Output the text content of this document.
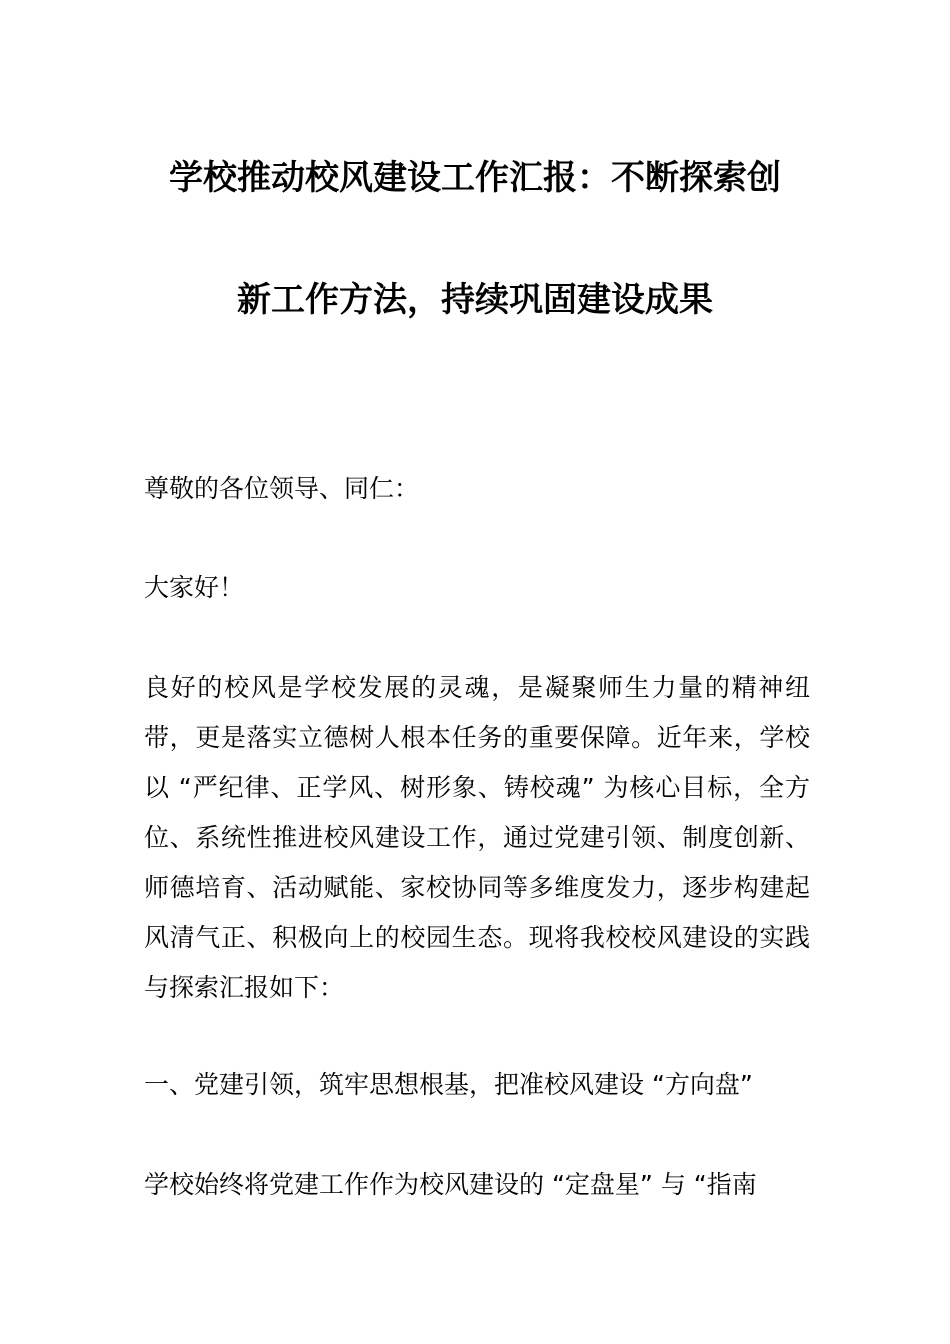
学校推动校风建设工作汇报：不断探索创
新工作方法，持续巩固建设成果

尊敬的各位领导、同仁：

大家好！

良好的校风是学校发展的灵魂，是凝聚师生力量的精神纽带，更是落实立德树人根本任务的重要保障。近年来，学校以 “严纪律、正学风、树形象、铸校魂” 为核心目标，全方位、系统性推进校风建设工作，通过党建引领、制度创新、师德培育、活动赋能、家校协同等多维度发力，逐步构建起风清气正、积极向上的校园生态。现将我校校风建设的实践与探索汇报如下：

一、党建引领，筑牢思想根基，把准校风建设 “方向盘”

学校始终将党建工作作为校风建设的 “定盘星” 与 “指南
